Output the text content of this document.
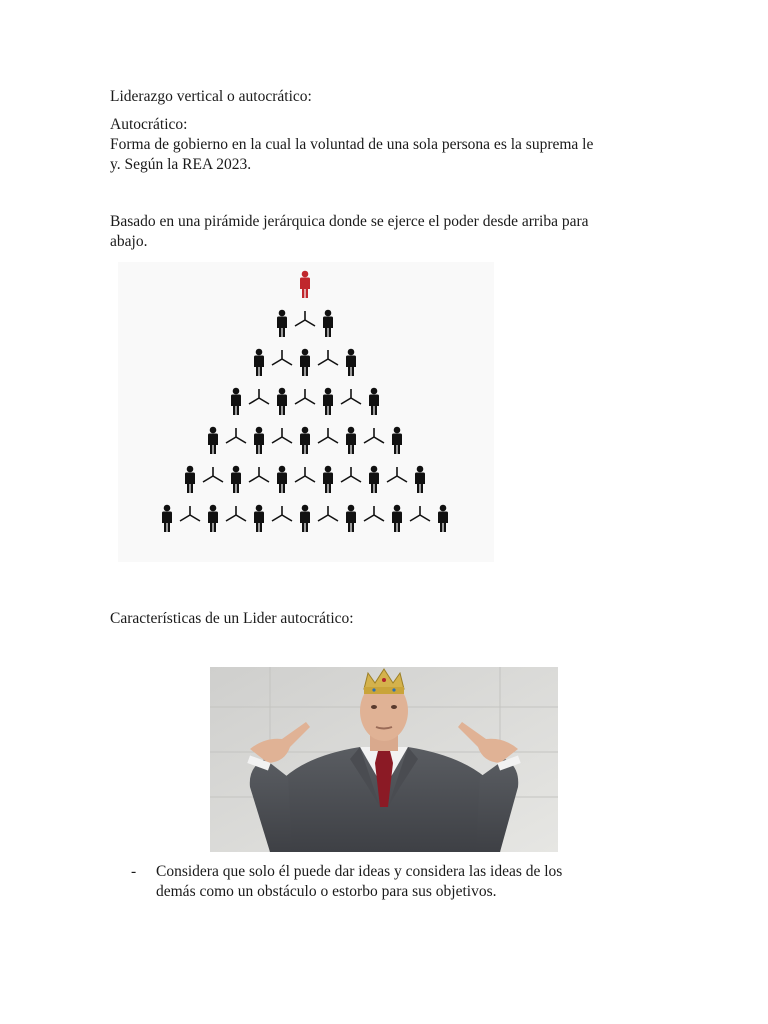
Liderazgo vertical o autocrático:

Autocrático:
Forma de gobierno en la cual la voluntad de una sola persona es la suprema le
y. Según la REA 2023.
Basado en una pirámide jerárquica donde se ejerce el poder desde arriba para
abajo.

Características de un Lider autocrático:

- Considera que solo él puede dar ideas y considera las ideas de los
demás como un obstáculo o estorbo para sus objetivos.
